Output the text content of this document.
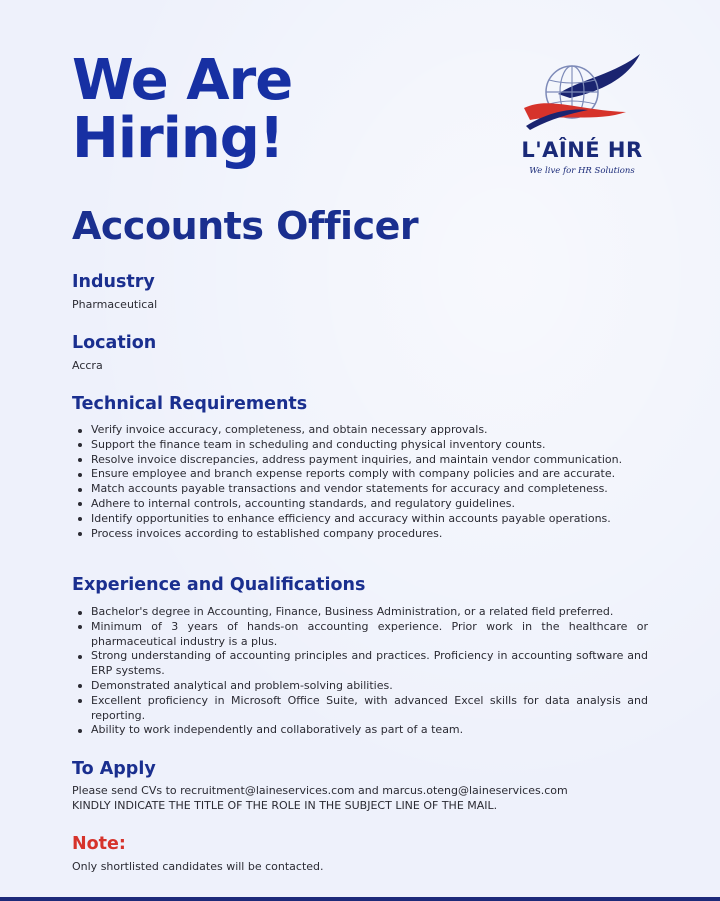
We Are
Hiring!	L'AÎNÉ HR
We live for HR Solutions
Accounts Officer
Industry

Pharmaceutical

Location

Accra

Technical Requirements
Verify invoice accuracy, completeness, and obtain necessary approvals.
Support the finance team in scheduling and conducting physical inventory counts.
Resolve invoice discrepancies, address payment inquiries, and maintain vendor communication.
Ensure employee and branch expense reports comply with company policies and are accurate.
Match accounts payable transactions and vendor statements for accuracy and completeness.
Adhere to internal controls, accounting standards, and regulatory guidelines.
Identify opportunities to enhance efficiency and accuracy within accounts payable operations.
Process invoices according to established company procedures.
Experience and Qualifications
Bachelor's degree in Accounting, Finance, Business Administration, or a related field preferred.
Minimum of 3 years of hands-on accounting experience. Prior work in the healthcare or pharmaceutical industry is a plus.
Strong understanding of accounting principles and practices. Proficiency in accounting software and ERP systems.
Demonstrated analytical and problem-solving abilities.
Excellent proficiency in Microsoft Office Suite, with advanced Excel skills for data analysis and reporting.
Ability to work independently and collaboratively as part of a team.
To Apply

Please send CVs to recruitment@laineservices.com and marcus.oteng@laineservices.com

KINDLY INDICATE THE TITLE OF THE ROLE IN THE SUBJECT LINE OF THE MAIL.

Note:

Only shortlisted candidates will be contacted.
